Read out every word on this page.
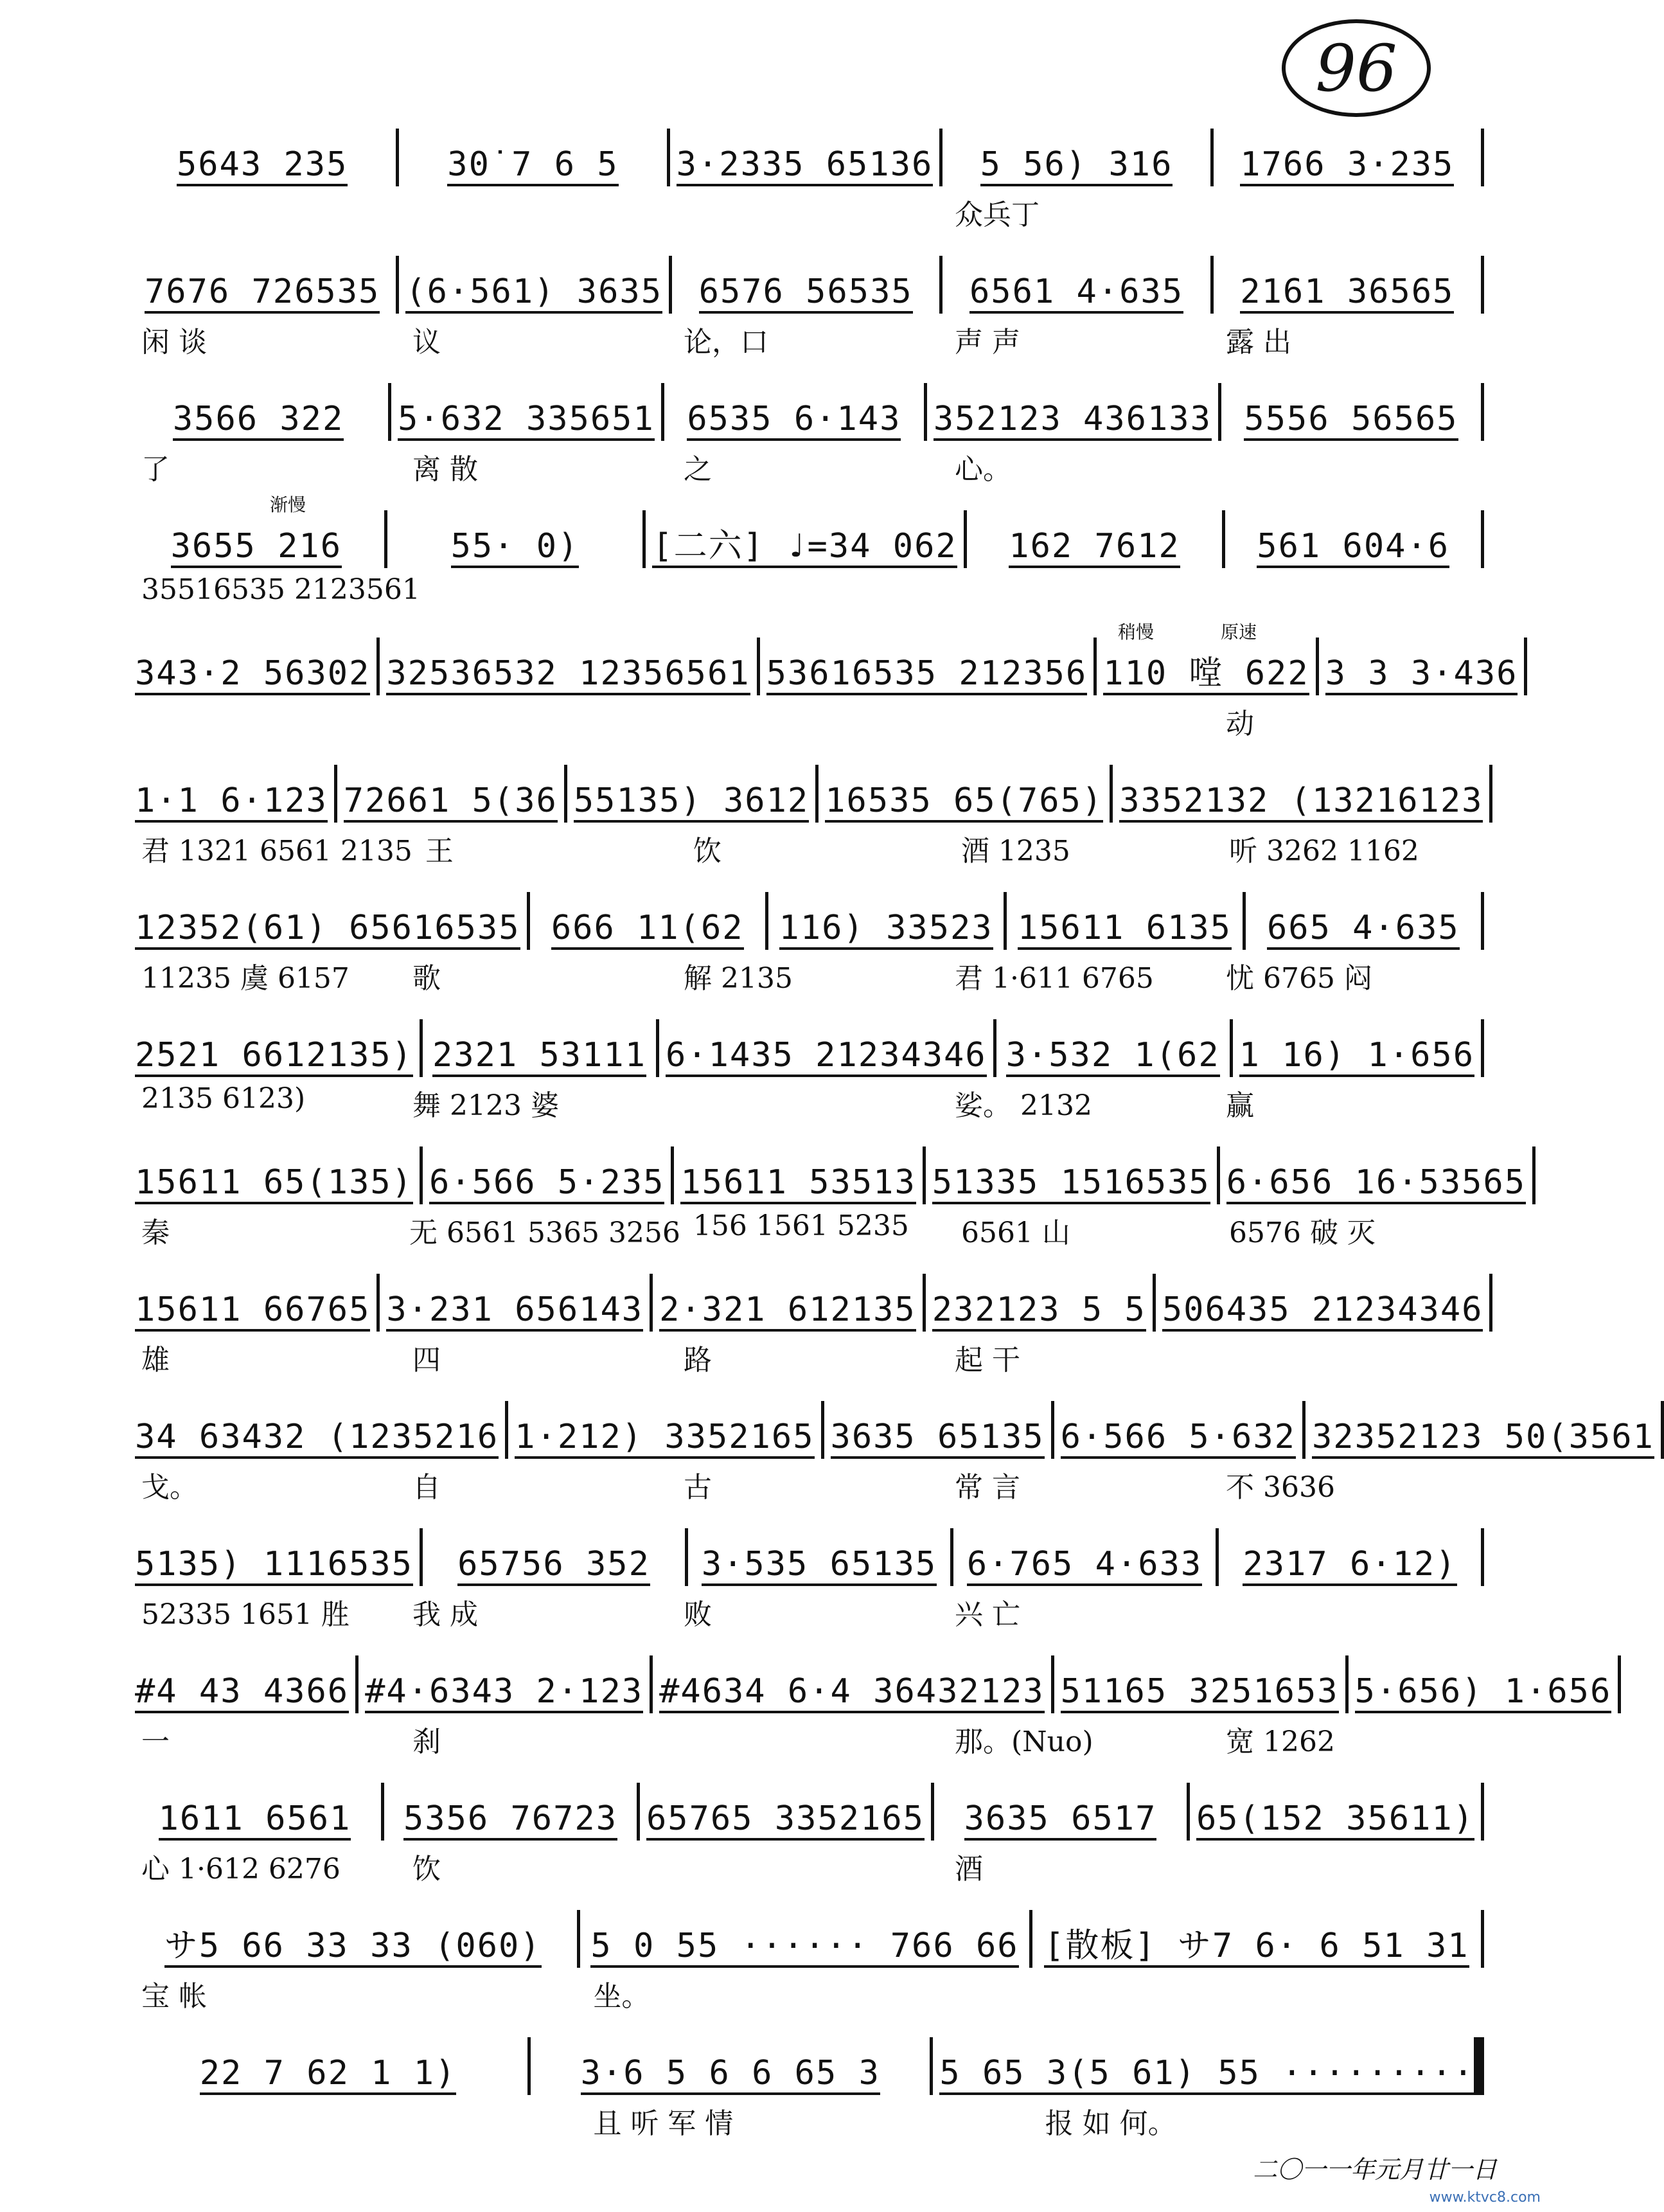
96
5643 235	30˙7 6 5 3·2335 65136 5 56) 316 1766 3·235
众兵丁
7676 726535 (6·561) 3635 6576 56535 6561 4·635 2161 36565
闲 谈	议	论，口	声 声	露 出
3566 322 5·632 335651 6535 6·143 352123 436133 5556 56565
了	离 散	之	心。
3655 216	55· 0) [二六] ♩=34 062 162 7612 561 604·6
渐慢
35516535 2123561
343·2 56302 32536532 12356561 53616535 212356 110 嘡 622 3 3 3·436
稍慢	原速
动
1·1 6·123 72661 5(36 55135) 3612 16535 65(765) 3352132 (13216123
君 1321 6561 2135 王	饮	酒 1235	听 3262 1162
12352(61) 65616535 666 11(62 116) 33523 15611 6135 665 4·635
11235 虞 6157	歌	解 2135	君 1·611 6765	忧 6765 闷
2521 6612135) 2321 53111 6·1435 21234346 3·532 1(62 1 16) 1·656
2135 6123)	舞 2123 婆	娑。 2132	赢
15611 65(135) 6·566 5·235 15611 53513 51335 1516535 6·656 16·53565
秦	无 6561 5365 3256 156 1561 5235	6561 山	6576 破 灭
15611 66765 3·231 656143 2·321 612135 232123 5 5 506435 21234346
雄	四	路	起 干
34 63432 (1235216 1·212) 3352165 3635 65135 6·566 5·632 32352123 50(3561
戈。	自	古	常 言	不 3636
5135) 1116535 65756 352 3·535 65135 6·765 4·633 2317 6·12)
52335 1651 胜	我 成	败	兴 亡
#4 43 4366 #4·6343 2·123 #4634 6·4 36432123 51165 3251653 5·656) 1·656
一	刹	那。(Nuo)	宽 1262
1611 6561 5356 76723 65765 3352165 3635 6517 65(152 35611)
心 1·612 6276	饮	酒
サ5 66 33 33 (060) 5 0 55 ······ 766 66 [散板] サ7 6· 6 51 31
宝 帐	坐。
22 7 62 1 1)	3·6 5 6 6 65 3 5 65 3(5 61) 55 ·········
且 听 军 情	报 如 何。
二〇一一年元月廿一日
www.ktvc8.com
